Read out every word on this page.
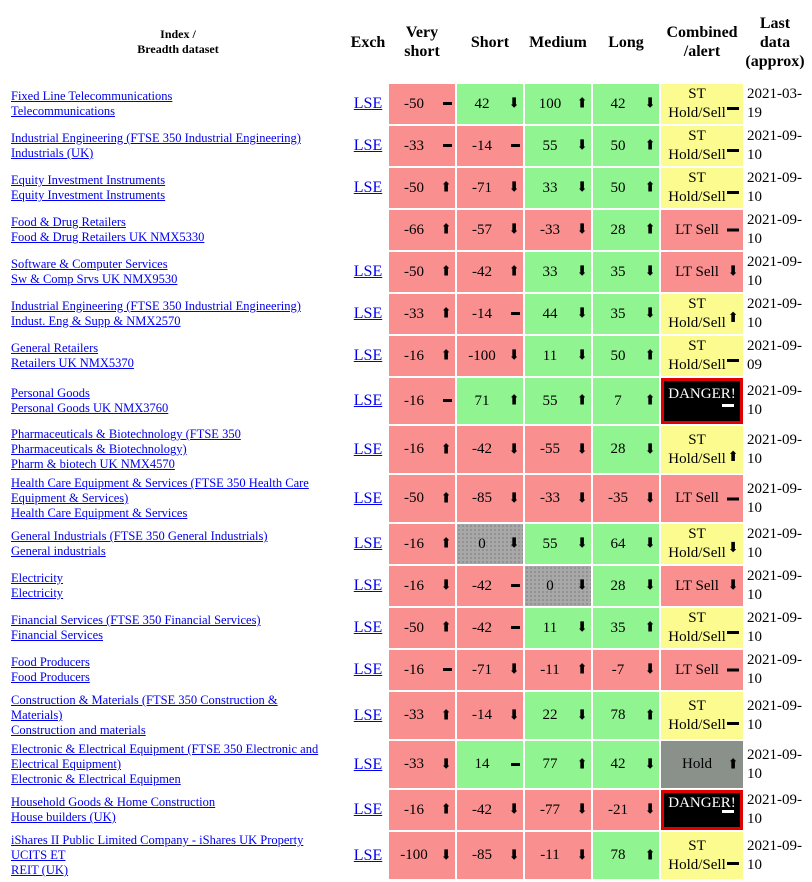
Index /
Breadth dataset	Exch	Very
short	Short	Medium	Long	Combined
/alert	Last
data
(approx)

Fixed Line Telecommunications
Telecommunications	LSE	-50	42 ⬇	100 ⬆	42 ⬇	ST
Hold/Sell	2021-03-19

Industrial Engineering (FTSE 350 Industrial Engineering)
Industrials (UK)	LSE	-33	-14	55 ⬇	50 ⬆	ST
Hold/Sell	2021-09-10

Equity Investment Instruments
Equity Investment Instruments	LSE	-50 ⬆	-71 ⬇	33 ⬇	50 ⬆	ST
Hold/Sell	2021-09-10

Food & Drug Retailers
Food & Drug Retailers UK NMX5330		-66 ⬆	-57 ⬇	-33 ⬇	28 ⬆	LT Sell	2021-09-10

Software & Computer Services
Sw & Comp Srvs UK NMX9530	LSE	-50 ⬆	-42 ⬆	33 ⬇	35 ⬇	LT Sell ⬇	2021-09-10

Industrial Engineering (FTSE 350 Industrial Engineering)
Indust. Eng & Supp & NMX2570	LSE	-33 ⬆	-14	44 ⬇	35 ⬇	ST
Hold/Sell ⬆	2021-09-10

General Retailers
Retailers UK NMX5370	LSE	-16 ⬆	-100 ⬇	11 ⬇	50 ⬆	ST
Hold/Sell	2021-09-09

Personal Goods
Personal Goods UK NMX3760	LSE	-16	71 ⬆	55 ⬆	7 ⬆	DANGER!	2021-09-10

Pharmaceuticals & Biotechnology (FTSE 350
Pharmaceuticals & Biotechnology)
Pharm & biotech UK NMX4570	LSE	-16 ⬆	-42 ⬇	-55 ⬇	28 ⬇	ST
Hold/Sell ⬆	2021-09-10

Health Care Equipment & Services (FTSE 350 Health Care
Equipment & Services)
Health Care Equipment & Services	LSE	-50 ⬆	-85 ⬇	-33 ⬇	-35 ⬇	LT Sell	2021-09-10

General Industrials (FTSE 350 General Industrials)
General industrials	LSE	-16 ⬆	0 ⬇	55 ⬇	64 ⬇	ST
Hold/Sell ⬇	2021-09-10

Electricity
Electricity	LSE	-16 ⬇	-42	0 ⬇	28 ⬇	LT Sell ⬇	2021-09-10

Financial Services (FTSE 350 Financial Services)
Financial Services	LSE	-50 ⬆	-42	11 ⬇	35 ⬆	ST
Hold/Sell	2021-09-10

Food Producers
Food Producers	LSE	-16	-71 ⬇	-11 ⬆	-7 ⬇	LT Sell	2021-09-10

Construction & Materials (FTSE 350 Construction &
Materials)
Construction and materials	LSE	-33 ⬆	-14 ⬇	22 ⬇	78 ⬆	ST
Hold/Sell	2021-09-10

Electronic & Electrical Equipment (FTSE 350 Electronic and
Electrical Equipment)
Electronic & Electrical Equipmen	LSE	-33 ⬇	14	77 ⬆	42 ⬇	Hold ⬆	2021-09-10

Household Goods & Home Construction
House builders (UK)	LSE	-16 ⬆	-42 ⬇	-77 ⬇	-21 ⬇	DANGER!	2021-09-10

iShares II Public Limited Company - iShares UK Property
UCITS ET
REIT (UK)	LSE	-100 ⬇	-85 ⬇	-11 ⬇	78 ⬆	ST
Hold/Sell	2021-09-10
